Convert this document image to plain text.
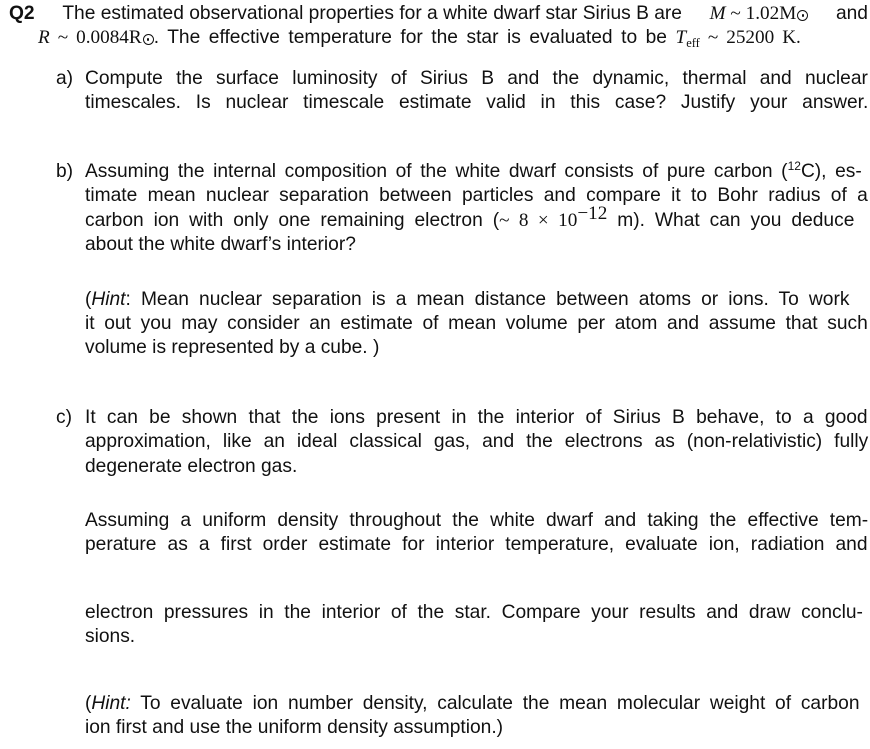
Q2 The estimated observational properties for a white dwarf star Sirius B are M ~ 1.02M	and
R ~ 0.0084R . The effective temperature for the star is evaluated to be $T_{eff}$ ~ 25200 K.
a) Compute the surface luminosity of Sirius B and the dynamic, thermal and nuclear
timescales. Is nuclear timescale estimate valid in this case? Justify your answer.
b) Assuming the internal composition of the white dwarf consists of pure carbon ($^{12}$C), es-
timate mean nuclear separation between particles and compare it to Bohr radius of a
carbon ion with only one remaining electron (~ $8 \times 10^{-12}$ m). What can you deduce
about the white dwarf’s interior?
(Hint: Mean nuclear separation is a mean distance between atoms or ions. To work
it out you may consider an estimate of mean volume per atom and assume that such
volume is represented by a cube. )
c) It can be shown that the ions present in the interior of Sirius B behave, to a good
approximation, like an ideal classical gas, and the electrons as (non-relativistic) fully
degenerate electron gas.
Assuming a uniform density throughout the white dwarf and taking the effective tem-
perature as a first order estimate for interior temperature, evaluate ion, radiation and
electron pressures in the interior of the star. Compare your results and draw conclu-
sions.
(Hint: To evaluate ion number density, calculate the mean molecular weight of carbon
ion first and use the uniform density assumption.)
